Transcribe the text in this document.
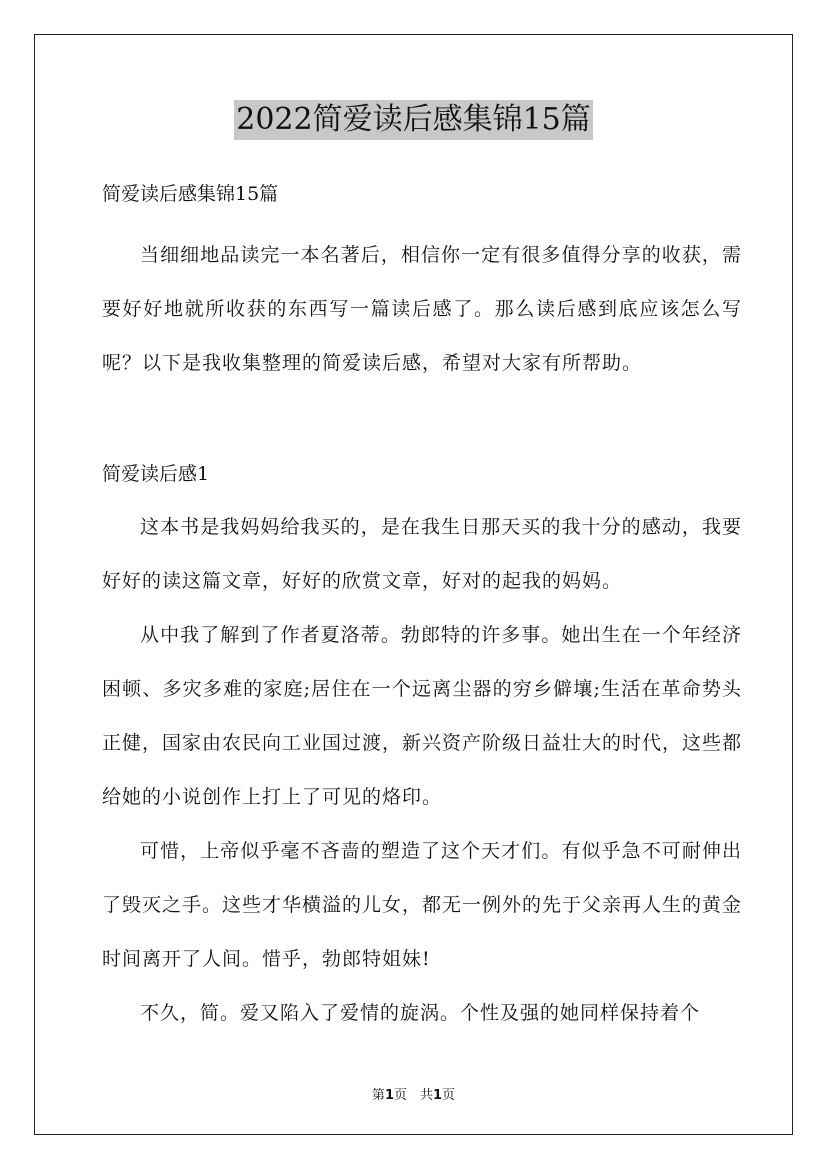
2022简爱读后感集锦15篇

简爱读后感集锦15篇

当细细地品读完一本名著后，相信你一定有很多值得分享的收获，需要好好地就所收获的东西写一篇读后感了。那么读后感到底应该怎么写呢？以下是我收集整理的简爱读后感，希望对大家有所帮助。

简爱读后感1

这本书是我妈妈给我买的，是在我生日那天买的我十分的感动，我要好好的读这篇文章，好好的欣赏文章，好对的起我的妈妈。

从中我了解到了作者夏洛蒂。勃郎特的许多事。她出生在一个年经济困顿、多灾多难的家庭;居住在一个远离尘器的穷乡僻壤;生活在革命势头正健，国家由农民向工业国过渡，新兴资产阶级日益壮大的时代，这些都给她的小说创作上打上了可见的烙印。

可惜，上帝似乎毫不吝啬的塑造了这个天才们。有似乎急不可耐伸出了毁灭之手。这些才华横溢的儿女，都无一例外的先于父亲再人生的黄金时间离开了人间。惜乎，勃郎特姐妹!

不久，简。爱又陷入了爱情的旋涡。个性及强的她同样保持着个

第1页　共1页
